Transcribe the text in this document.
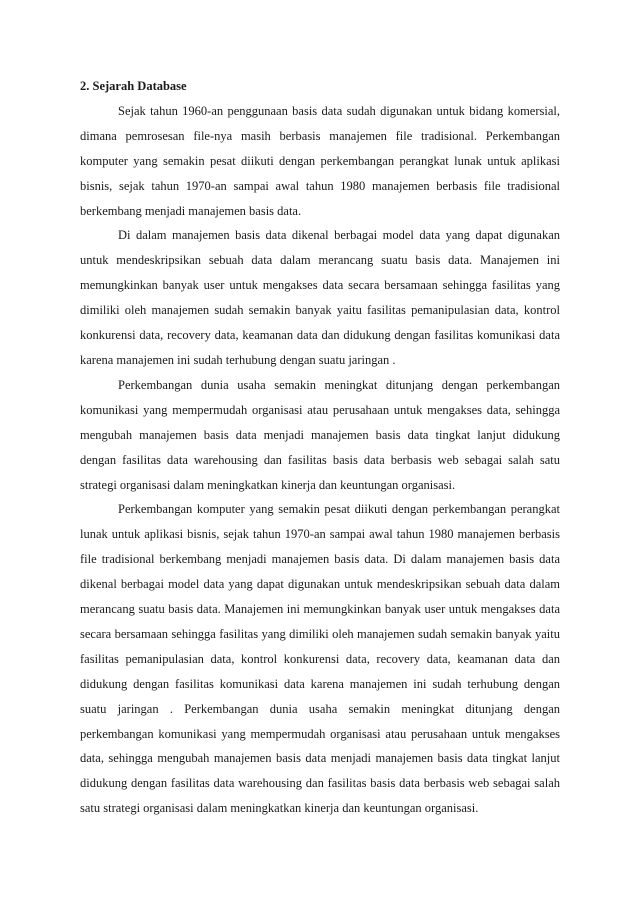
2. Sejarah Database

Sejak tahun 1960-an penggunaan basis data sudah digunakan untuk bidang komersial, dimana pemrosesan file-nya masih berbasis manajemen file tradisional. Perkembangan komputer yang semakin pesat diikuti dengan perkembangan perangkat lunak untuk aplikasi bisnis, sejak tahun 1970-an sampai awal tahun 1980 manajemen berbasis file tradisional berkembang menjadi manajemen basis data.

Di dalam manajemen basis data dikenal berbagai model data yang dapat digunakan untuk mendeskripsikan sebuah data dalam merancang suatu basis data. Manajemen ini memungkinkan banyak user untuk mengakses data secara bersamaan sehingga fasilitas yang dimiliki oleh manajemen sudah semakin banyak yaitu fasilitas pemanipulasian data, kontrol konkurensi data, recovery data, keamanan data dan didukung dengan fasilitas komunikasi data karena manajemen ini sudah terhubung dengan suatu jaringan .

Perkembangan dunia usaha semakin meningkat ditunjang dengan perkembangan komunikasi yang mempermudah organisasi atau perusahaan untuk mengakses data, sehingga mengubah manajemen basis data menjadi manajemen basis data tingkat lanjut didukung dengan fasilitas data warehousing dan fasilitas basis data berbasis web sebagai salah satu strategi organisasi dalam meningkatkan kinerja dan keuntungan organisasi.

Perkembangan komputer yang semakin pesat diikuti dengan perkembangan perangkat lunak untuk aplikasi bisnis, sejak tahun 1970-an sampai awal tahun 1980 manajemen berbasis file tradisional berkembang menjadi manajemen basis data. Di dalam manajemen basis data dikenal berbagai model data yang dapat digunakan untuk mendeskripsikan sebuah data dalam merancang suatu basis data. Manajemen ini memungkinkan banyak user untuk mengakses data secara bersamaan sehingga fasilitas yang dimiliki oleh manajemen sudah semakin banyak yaitu fasilitas pemanipulasian data, kontrol konkurensi data, recovery data, keamanan data dan didukung dengan fasilitas komunikasi data karena manajemen ini sudah terhubung dengan suatu jaringan . Perkembangan dunia usaha semakin meningkat ditunjang dengan perkembangan komunikasi yang mempermudah organisasi atau perusahaan untuk mengakses data, sehingga mengubah manajemen basis data menjadi manajemen basis data tingkat lanjut didukung dengan fasilitas data warehousing dan fasilitas basis data berbasis web sebagai salah satu strategi organisasi dalam meningkatkan kinerja dan keuntungan organisasi.
